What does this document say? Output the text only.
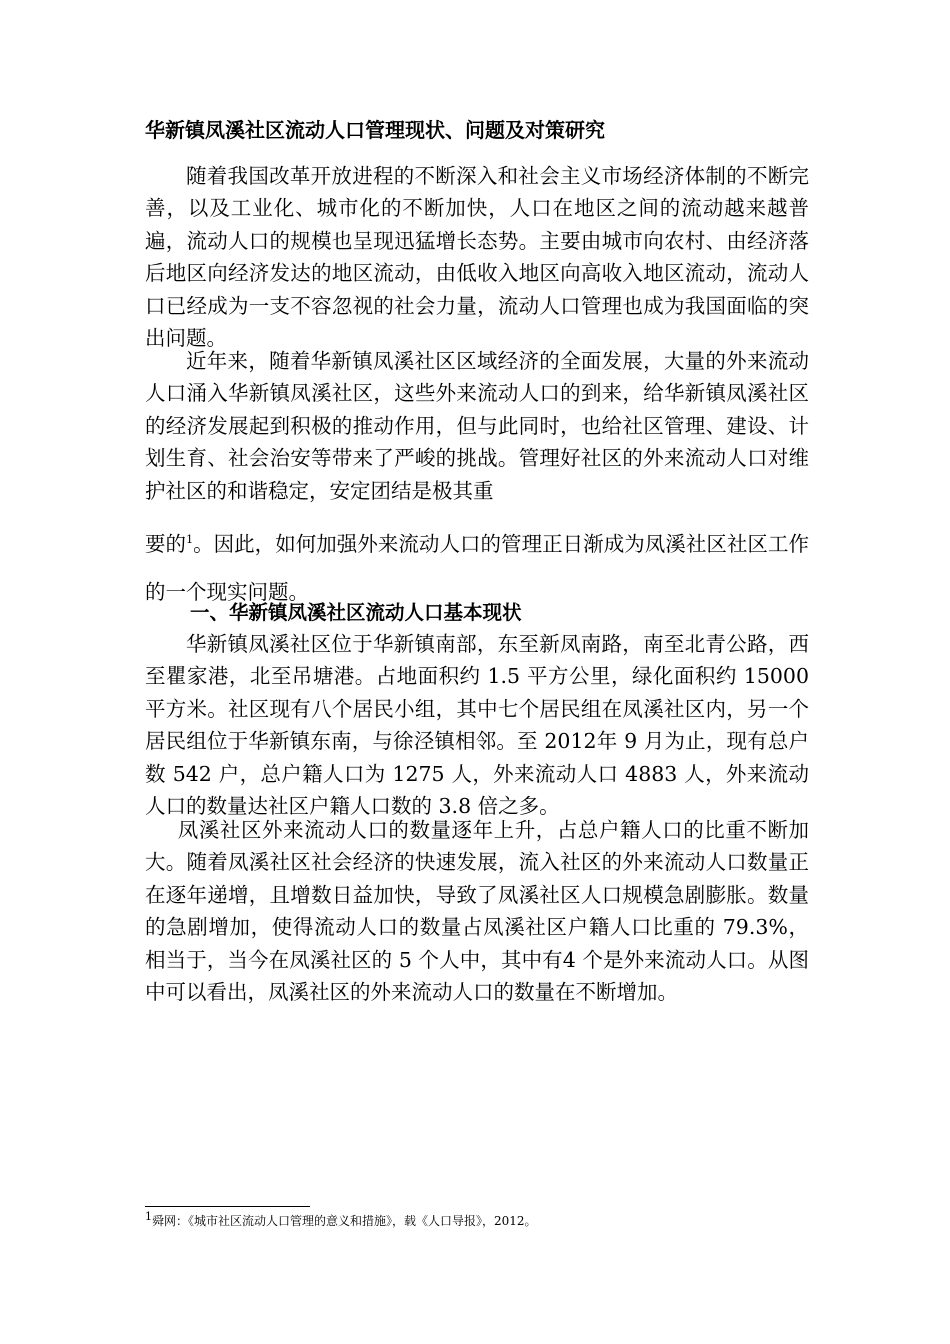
华新镇凤溪社区流动人口管理现状、问题及对策研究

随着我国改革开放进程的不断深入和社会主义市场经济体制的不断完善，以及工业化、城市化的不断加快，人口在地区之间的流动越来越普遍，流动人口的规模也呈现迅猛增长态势。主要由城市向农村、由经济落后地区向经济发达的地区流动，由低收入地区向高收入地区流动，流动人口已经成为一支不容忽视的社会力量，流动人口管理也成为我国面临的突出问题。

近年来，随着华新镇凤溪社区区域经济的全面发展，大量的外来流动人口涌入华新镇凤溪社区，这些外来流动人口的到来，给华新镇凤溪社区的经济发展起到积极的推动作用，但与此同时，也给社区管理、建设、计划生育、社会治安等带来了严峻的挑战。管理好社区的外来流动人口对维护社区的和谐稳定，安定团结是极其重

要的$^1$。因此，如何加强外来流动人口的管理正日渐成为凤溪社区社区工作的一个现实问题。

一、华新镇凤溪社区流动人口基本现状

华新镇凤溪社区位于华新镇南部，东至新凤南路，南至北青公路，西至瞿家港，北至吊塘港。占地面积约 1.5 平方公里，绿化面积约 15000 平方米。社区现有八个居民小组，其中七个居民组在凤溪社区内，另一个居民组位于华新镇东南，与徐泾镇相邻。至 2012年 9 月为止，现有总户数 542 户，总户籍人口为 1275 人，外来流动人口 4883 人，外来流动人口的数量达社区户籍人口数的 3.8 倍之多。

凤溪社区外来流动人口的数量逐年上升，占总户籍人口的比重不断加大。随着凤溪社区社会经济的快速发展，流入社区的外来流动人口数量正在逐年递增，且增数日益加快，导致了凤溪社区人口规模急剧膨胀。数量的急剧增加，使得流动人口的数量占凤溪社区户籍人口比重的 79.3%，相当于，当今在凤溪社区的 5 个人中，其中有4 个是外来流动人口。从图中可以看出，凤溪社区的外来流动人口的数量在不断增加。

$^1$舜网：《城市社区流动人口管理的意义和措施》，载《人口导报》，2012。
